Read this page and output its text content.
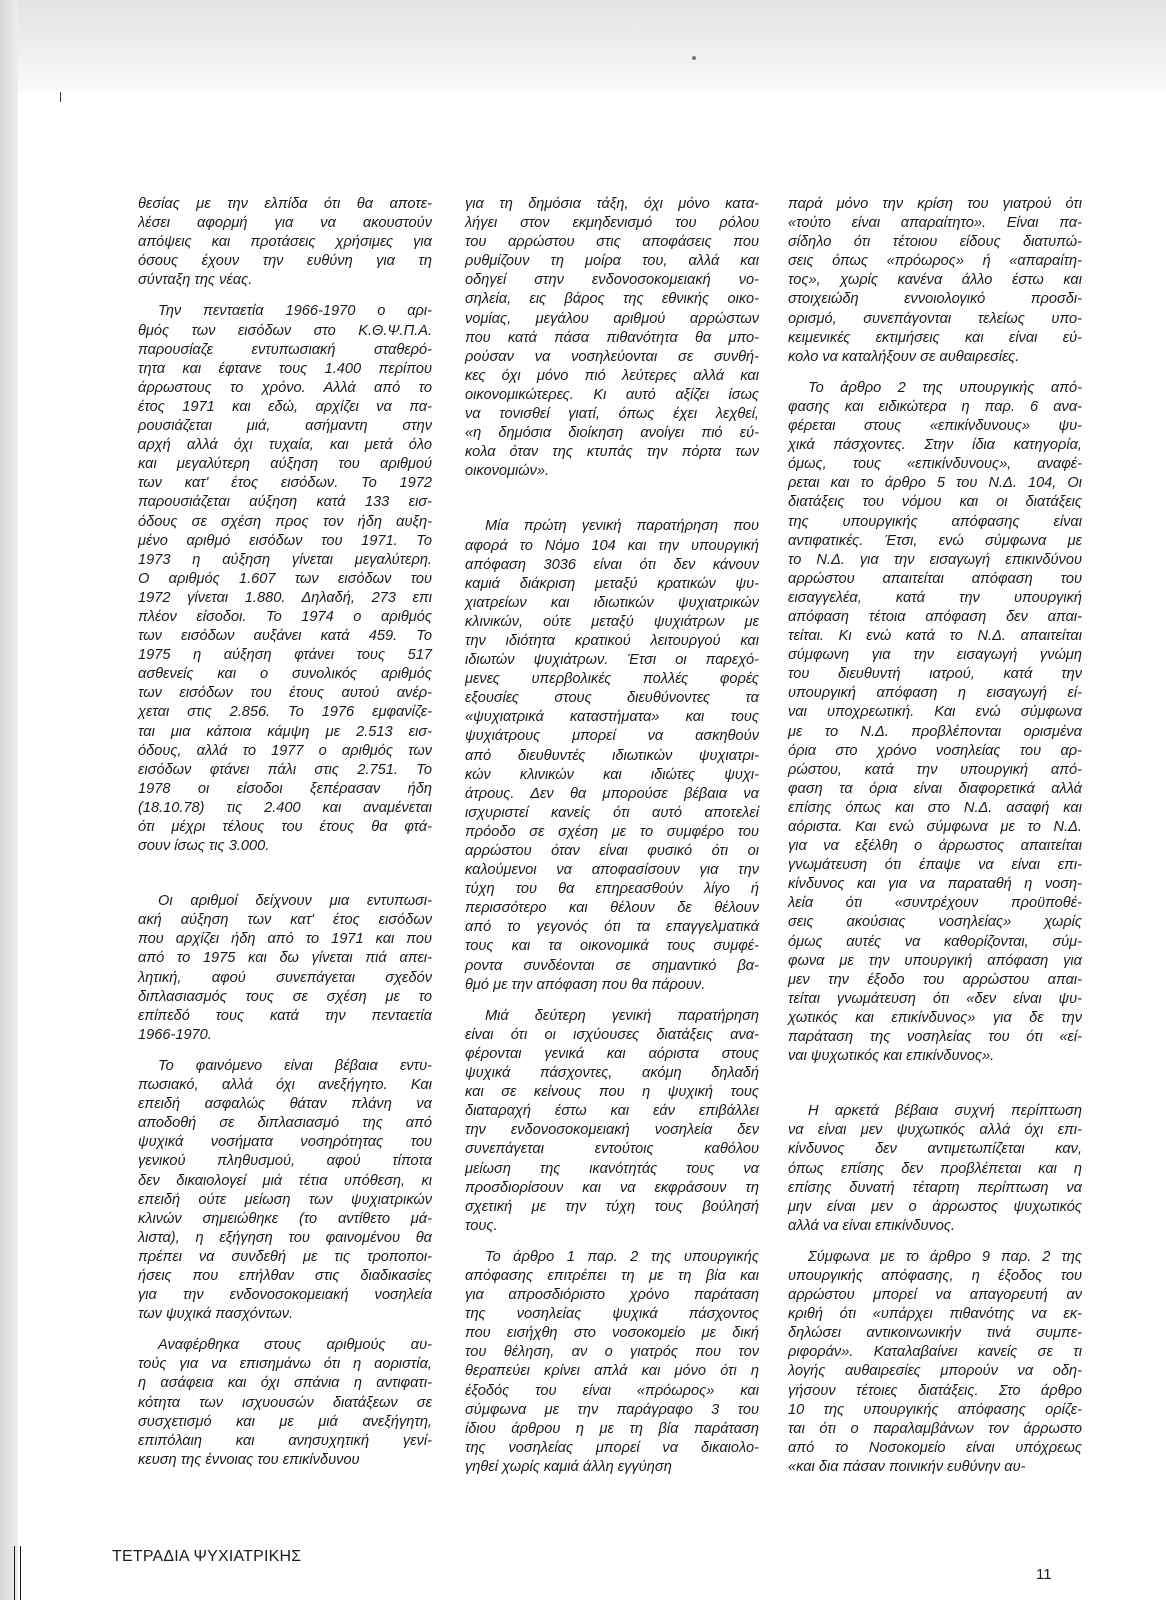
θεσίας με την ελπίδα ότι θα αποτε-
λέσει αφορμή για να ακουστούν
απόψεις και προτάσεις χρήσιμες για
όσους έχουν την ευθύνη για τη
σύνταξη της νέας.
Την πενταετία 1966-1970 ο αρι-
θμός των εισόδων στο Κ.Θ.Ψ.Π.Α.
παρουσίαζε εντυπωσιακή σταθερό-
τητα και έφτανε τους 1.400 περίπου
άρρωστους το χρόνο. Αλλά από το
έτος 1971 και εδώ, αρχίζει να πα-
ρουσιάζεται μιά, ασήμαντη στην
αρχή αλλά όχι τυχαία, και μετά όλο
και μεγαλύτερη αύξηση του αριθμού
των κατ' έτος εισόδων. Το 1972
παρουσιάζεται αύξηση κατά 133 εισ-
όδους σε σχέση προς τον ήδη αυξη-
μένο αριθμό εισόδων του 1971. Το
1973 η αύξηση γίνεται μεγαλύτερη.
Ο αριθμός 1.607 των εισόδων του
1972 γίνεται 1.880. Δηλαδή, 273 επι
πλέον είσοδοι. Το 1974 ο αριθμός
των εισόδων αυξάνει κατά 459. Το
1975 η αύξηση φτάνει τους 517
ασθενείς και ο συνολικός αριθμός
των εισόδων του έτους αυτού ανέρ-
χεται στις 2.856. Το 1976 εμφανίζε-
ται μια κάποια κάμψη με 2.513 εισ-
όδους, αλλά το 1977 ο αριθμός των
εισόδων φτάνει πάλι στις 2.751. Το
1978 οι είσοδοι ξεπέρασαν ήδη
(18.10.78) τις 2.400 και αναμένεται
ότι μέχρι τέλους του έτους θα φτά-
σουν ίσως τις 3.000.
Οι αριθμοί δείχνουν μια εντυπωσι-
ακή αύξηση των κατ' έτος εισόδων
που αρχίζει ήδη από το 1971 και που
από το 1975 και δω γίνεται πιά απει-
λητική, αφού συνεπάγεται σχεδόν
διπλασιασμός τους σε σχέση με το
επίπεδό τους κατά την πενταετία
1966-1970.
Το φαινόμενο είναι βέβαια εντυ-
πωσιακό, αλλά όχι ανεξήγητο. Και
επειδή ασφαλώς θάταν πλάνη να
αποδοθή σε διπλασιασμό της από
ψυχικά νοσήματα νοσηρότητας του
γενικού πληθυσμού, αφού τίποτα
δεν δικαιολογεί μιά τέτια υπόθεση, κι
επειδή ούτε μείωση των ψυχιατρικών
κλινών σημειώθηκε (το αντίθετο μά-
λιστα), η εξήγηση του φαινομένου θα
πρέπει να συνδεθή με τις τροποποι-
ήσεις που επήλθαν στις διαδικασίες
για την ενδονοσοκομειακή νοσηλεία
των ψυχικά πασχόντων.
Αναφέρθηκα στους αριθμούς αυ-
τούς για να επισημάνω ότι η αοριστία,
η ασάφεια και όχι σπάνια η αντιφατι-
κότητα των ισχυουσών διατάξεων σε
συσχετισμό και με μιά ανεξήγητη,
επιπόλαιη και ανησυχητική γενί-
κευση της έννοιας του επικίνδυνου
για τη δημόσια τάξη, όχι μόνο κατα-
λήγει στον εκμηδενισμό του ρόλου
του αρρώστου στις αποφάσεις που
ρυθμίζουν τη μοίρα του, αλλά και
οδηγεί στην ενδονοσοκομειακή νο-
σηλεία, εις βάρος της εθνικής οικο-
νομίας, μεγάλου αριθμού αρρώστων
που κατά πάσα πιθανότητα θα μπο-
ρούσαν να νοσηλεύονται σε συνθή-
κες όχι μόνο πιό λεύτερες αλλά και
οικονομικώτερες. Κι αυτό αξίζει ίσως
να τονισθεί γιατί, όπως έχει λεχθεί,
«η δημόσια διοίκηση ανοίγει πιό εύ-
κολα όταν της κτυπάς την πόρτα των
οικονομιών».
Μία πρώτη γενική παρατήρηση που
αφορά το Νόμο 104 και την υπουργική
απόφαση 3036 είναι ότι δεν κάνουν
καμιά διάκριση μεταξύ κρατικών ψυ-
χιατρείων και ιδιωτικών ψυχιατρικών
κλινικών, ούτε μεταξύ ψυχιάτρων με
την ιδιότητα κρατικού λειτουργού και
ιδιωτών ψυχιάτρων. Έτσι οι παρεχό-
μενες υπερβολικές πολλές φορές
εξουσίες στους διευθύνοντες τα
«ψυχιατρικά καταστήματα» και τους
ψυχιάτρους μπορεί να ασκηθούν
από διευθυντές ιδιωτικών ψυχιατρι-
κών κλινικών και ιδιώτες ψυχι-
άτρους. Δεν θα μπορούσε βέβαια να
ισχυριστεί κανείς ότι αυτό αποτελεί
πρόοδο σε σχέση με το συμφέρο του
αρρώστου όταν είναι φυσικό ότι οι
καλούμενοι να αποφασίσουν για την
τύχη του θα επηρεασθούν λίγο ή
περισσότερο και θέλουν δε θέλουν
από το γεγονός ότι τα επαγγελματικά
τους και τα οικονομικά τους συμφέ-
ροντα συνδέονται σε σημαντικό βα-
θμό με την απόφαση που θα πάρουν.
Μιά δεύτερη γενική παρατήρηση
είναι ότι οι ισχύουσες διατάξεις ανα-
φέρονται γενικά και αόριστα στους
ψυχικά πάσχοντες, ακόμη δηλαδή
και σε κείνους που η ψυχική τους
διαταραχή έστω και εάν επιβάλλει
την ενδονοσοκομειακή νοσηλεία δεν
συνεπάγεται εντούτοις καθόλου
μείωση της ικανότητάς τους να
προσδιορίσουν και να εκφράσουν τη
σχετική με την τύχη τους βούλησή
τους.
Το άρθρο 1 παρ. 2 της υπουργικής
απόφασης επιτρέπει τη με τη βία και
για απροσδιόριστο χρόνο παράταση
της νοσηλείας ψυχικά πάσχοντος
που εισήχθη στο νοσοκομείο με δική
του θέληση, αν ο γιατρός που τον
θεραπεύει κρίνει απλά και μόνο ότι η
έξοδός του είναι «πρόωρος» και
σύμφωνα με την παράγραφο 3 του
ίδιου άρθρου η με τη βία παράταση
της νοσηλείας μπορεί να δικαιολο-
γηθεί χωρίς καμιά άλλη εγγύηση
παρά μόνο την κρίση του γιατρού ότι
«τούτο είναι απαραίτητο». Είναι πα-
σίδηλο ότι τέτοιου είδους διατυπώ-
σεις όπως «πρόωρος» ή «απαραίτη-
τος», χωρίς κανένα άλλο έστω και
στοιχειώδη εννοιολογικό προσδι-
ορισμό, συνεπάγονται τελείως υπο-
κειμενικές εκτιμήσεις και είναι εύ-
κολο να καταλήξουν σε αυθαιρεσίες.
Το άρθρο 2 της υπουργικής από-
φασης και ειδικώτερα η παρ. 6 ανα-
φέρεται στους «επικίνδυνους» ψυ-
χικά πάσχοντες. Στην ίδια κατηγορία,
όμως, τους «επικίνδυνους», αναφέ-
ρεται και το άρθρο 5 του Ν.Δ. 104, Οι
διατάξεις του νόμου και οι διατάξεις
της υπουργικής απόφασης είναι
αντιφατικές. Έτσι, ενώ σύμφωνα με
το Ν.Δ. για την εισαγωγή επικινδύνου
αρρώστου απαιτείται απόφαση του
εισαγγελέα, κατά την υπουργική
απόφαση τέτοια απόφαση δεν απαι-
τείται. Κι ενώ κατά το Ν.Δ. απαιτείται
σύμφωνη για την εισαγωγή γνώμη
του διευθυντή ιατρού, κατά την
υπουργική απόφαση η εισαγωγή εί-
ναι υποχρεωτική. Και ενώ σύμφωνα
με το Ν.Δ. προβλέπονται ορισμένα
όρια στο χρόνο νοσηλείας του αρ-
ρώστου, κατά την υπουργική από-
φαση τα όρια είναι διαφορετικά αλλά
επίσης όπως και στο Ν.Δ. ασαφή και
αόριστα. Και ενώ σύμφωνα με το Ν.Δ.
για να εξέλθη ο άρρωστος απαιτείται
γνωμάτευση ότι έπαψε να είναι επι-
κίνδυνος και για να παραταθή η νοση-
λεία ότι «συντρέχουν προϋποθέ-
σεις ακούσιας νοσηλείας» χωρίς
όμως αυτές να καθορίζονται, σύμ-
φωνα με την υπουργική απόφαση για
μεν την έξοδο του αρρώστου απαι-
τείται γνωμάτευση ότι «δεν είναι ψυ-
χωτικός και επικίνδυνος» για δε την
παράταση της νοσηλείας του ότι «εί-
ναι ψυχωτικός και επικίνδυνος».
Η αρκετά βέβαια συχνή περίπτωση
να είναι μεν ψυχωτικός αλλά όχι επι-
κίνδυνος δεν αντιμετωπίζεται καν,
όπως επίσης δεν προβλέπεται και η
επίσης δυνατή τέταρτη περίπτωση να
μην είναι μεν ο άρρωστος ψυχωτικός
αλλά να είναι επικίνδυνος.
Σύμφωνα με το άρθρο 9 παρ. 2 της
υπουργικής απόφασης, η έξοδος του
αρρώστου μπορεί να απαγορευτή αν
κριθή ότι «υπάρχει πιθανότης να εκ-
δηλώσει αντικοινωνικήν τινά συμπε-
ριφοράν». Καταλαβαίνει κανείς σε τι
λογής αυθαιρεσίες μπορούν να οδη-
γήσουν τέτοιες διατάξεις. Στο άρθρο
10 της υπουργικής απόφασης ορίζε-
ται ότι ο παραλαμβάνων τον άρρωστο
από το Νοσοκομείο είναι υπόχρεως
«και δια πάσαν ποινικήν ευθύνην αυ-
ΤΕΤΡΑΔΙΑ ΨΥΧΙΑΤΡΙΚΗΣ
11
